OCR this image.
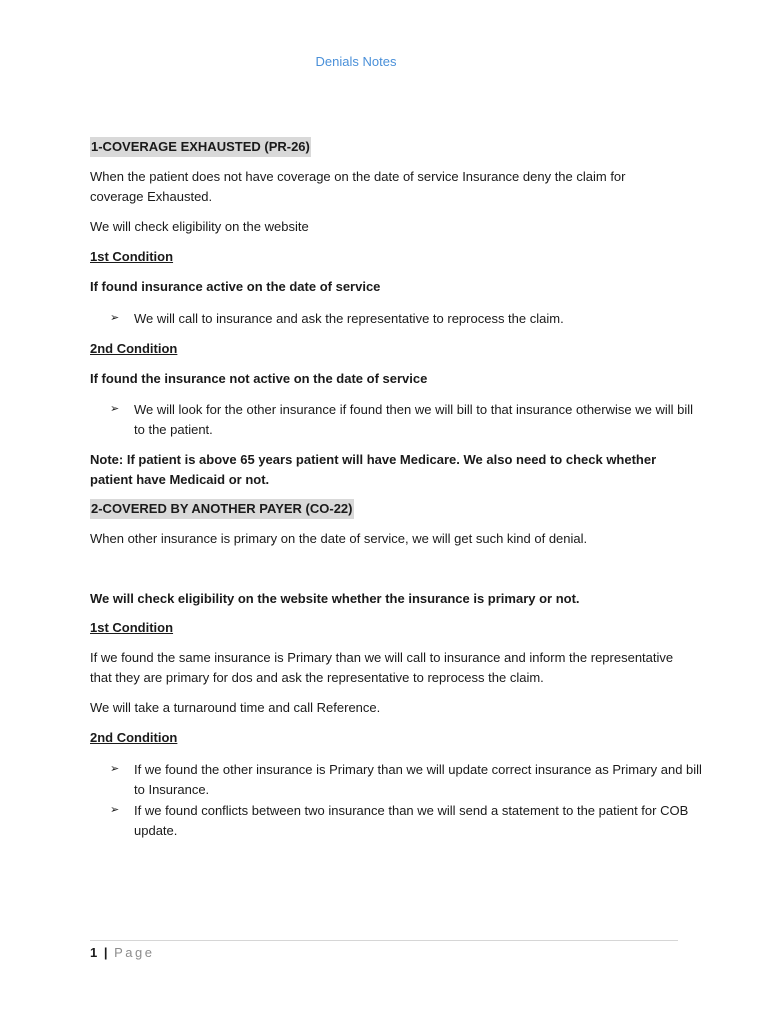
Denials Notes
1-COVERAGE EXHAUSTED (PR-26)
When the patient does not have coverage on the date of service Insurance deny the claim for coverage Exhausted.
We will check eligibility on the website
1st Condition
If found insurance active on the date of service
➢	We will call to insurance and ask the representative to reprocess the claim.
2nd Condition
If found the insurance not active on the date of service
➢	We will look for the other insurance if found then we will bill to that insurance otherwise we will bill to the patient.
Note: If patient is above 65 years patient will have Medicare. We also need to check whether patient have Medicaid or not.
2-COVERED BY ANOTHER PAYER (CO-22)
When other insurance is primary on the date of service, we will get such kind of denial.
We will check eligibility on the website whether the insurance is primary or not.
1st Condition
If we found the same insurance is Primary than we will call to insurance and inform the representative that they are primary for dos and ask the representative to reprocess the claim.
We will take a turnaround time and call Reference.
2nd Condition
➢ If we found the other insurance is Primary than we will update correct insurance as Primary and bill to Insurance.
➢ If we found conflicts between two insurance than we will send a statement to the patient for COB update.
1 | Page
